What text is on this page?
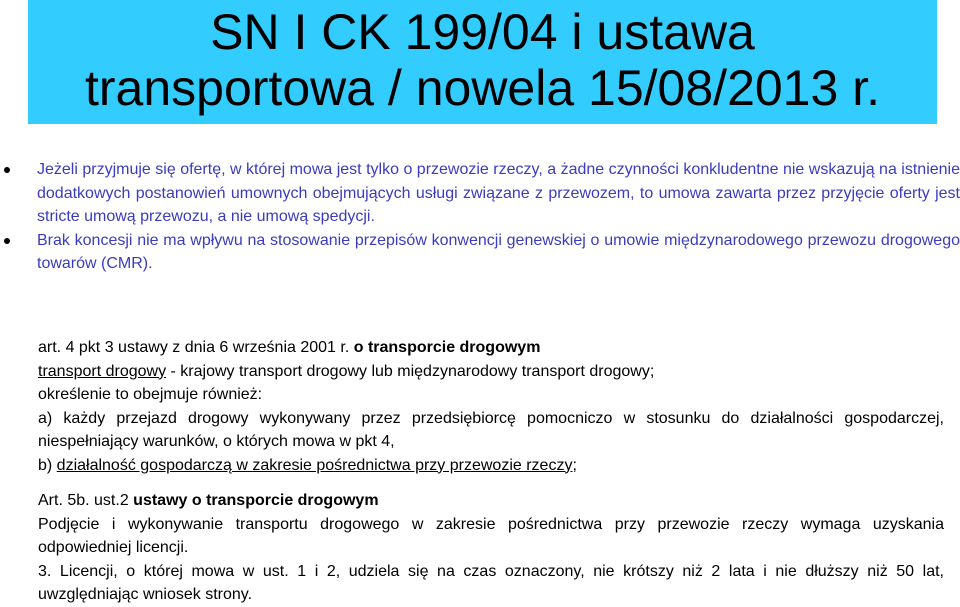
SN I CK 199/04 i ustawa
transportowa / nowela 15/08/2013 r.
Jeżeli przyjmuje się ofertę, w której mowa jest tylko o przewozie rzeczy, a żadne czynności konkludentne nie wskazują na istnienie dodatkowych postanowień umownych obejmujących usługi związane z przewozem, to umowa zawarta przez przyjęcie oferty jest stricte umową przewozu, a nie umową spedycji.
Brak koncesji nie ma wpływu na stosowanie przepisów konwencji genewskiej o umowie międzynarodowego przewozu drogowego towarów (CMR).

art. 4 pkt 3 ustawy z dnia 6 września 2001 r. o transporcie drogowym

transport drogowy - krajowy transport drogowy lub międzynarodowy transport drogowy;

określenie to obejmuje również:

a) każdy przejazd drogowy wykonywany przez przedsiębiorcę pomocniczo w stosunku do działalności gospodarczej, niespełniający warunków, o których mowa w pkt 4,

b) działalność gospodarczą w zakresie pośrednictwa przy przewozie rzeczy;

Art. 5b. ust.2 ustawy o transporcie drogowym

Podjęcie i wykonywanie transportu drogowego w zakresie pośrednictwa przy przewozie rzeczy wymaga uzyskania odpowiedniej licencji.

3. Licencji, o której mowa w ust. 1 i 2, udziela się na czas oznaczony, nie krótszy niż 2 lata i nie dłuższy niż 50 lat, uwzględniając wniosek strony.
